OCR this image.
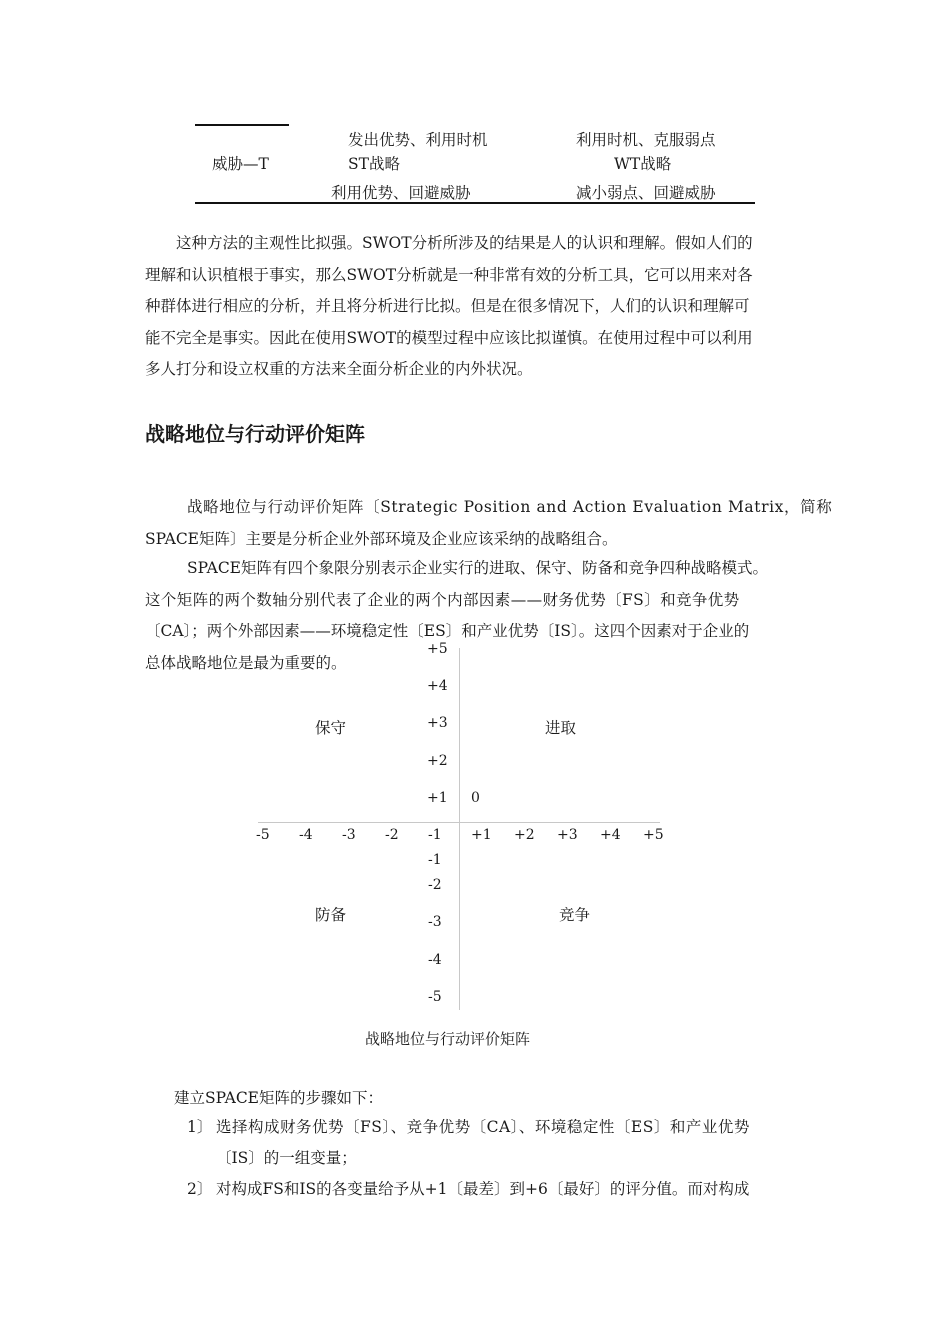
威胁—T
发出优势、利用时机
ST战略
利用优势、回避威胁
利用时机、克服弱点
WT战略
减小弱点、回避威胁
这种方法的主观性比拟强。SWOT分析所涉及的结果是人的认识和理解。假如人们的
理解和认识植根于事实，那么SWOT分析就是一种非常有效的分析工具，它可以用来对各
种群体进行相应的分析，并且将分析进行比拟。但是在很多情况下，人们的认识和理解可
能不完全是事实。因此在使用SWOT的模型过程中应该比拟谨慎。在使用过程中可以利用
多人打分和设立权重的方法来全面分析企业的内外状况。
战略地位与行动评价矩阵
战略地位与行动评价矩阵〔Strategic Position and Action Evaluation Matrix，简称
SPACE矩阵〕主要是分析企业外部环境及企业应该采纳的战略组合。
SPACE矩阵有四个象限分别表示企业实行的进取、保守、防备和竞争四种战略模式。
这个矩阵的两个数轴分别代表了企业的两个内部因素——财务优势〔FS〕和竞争优势
〔CA〕；两个外部因素——环境稳定性〔ES〕和产业优势〔IS〕。这四个因素对于企业的
总体战略地位是最为重要的。
保守	进取
防备	竞争
+5
+4
+3
+2
+1 0
-5 -4 -3 -2 -1 +1 +2 +3 +4 +5
-1
-2
-3
-4
-5
战略地位与行动评价矩阵
建立SPACE矩阵的步骤如下：
1〕 选择构成财务优势〔FS〕、竞争优势〔CA〕、环境稳定性〔ES〕和产业优势
〔IS〕的一组变量；
2〕 对构成FS和IS的各变量给予从+1〔最差〕到+6〔最好〕的评分值。而对构成
